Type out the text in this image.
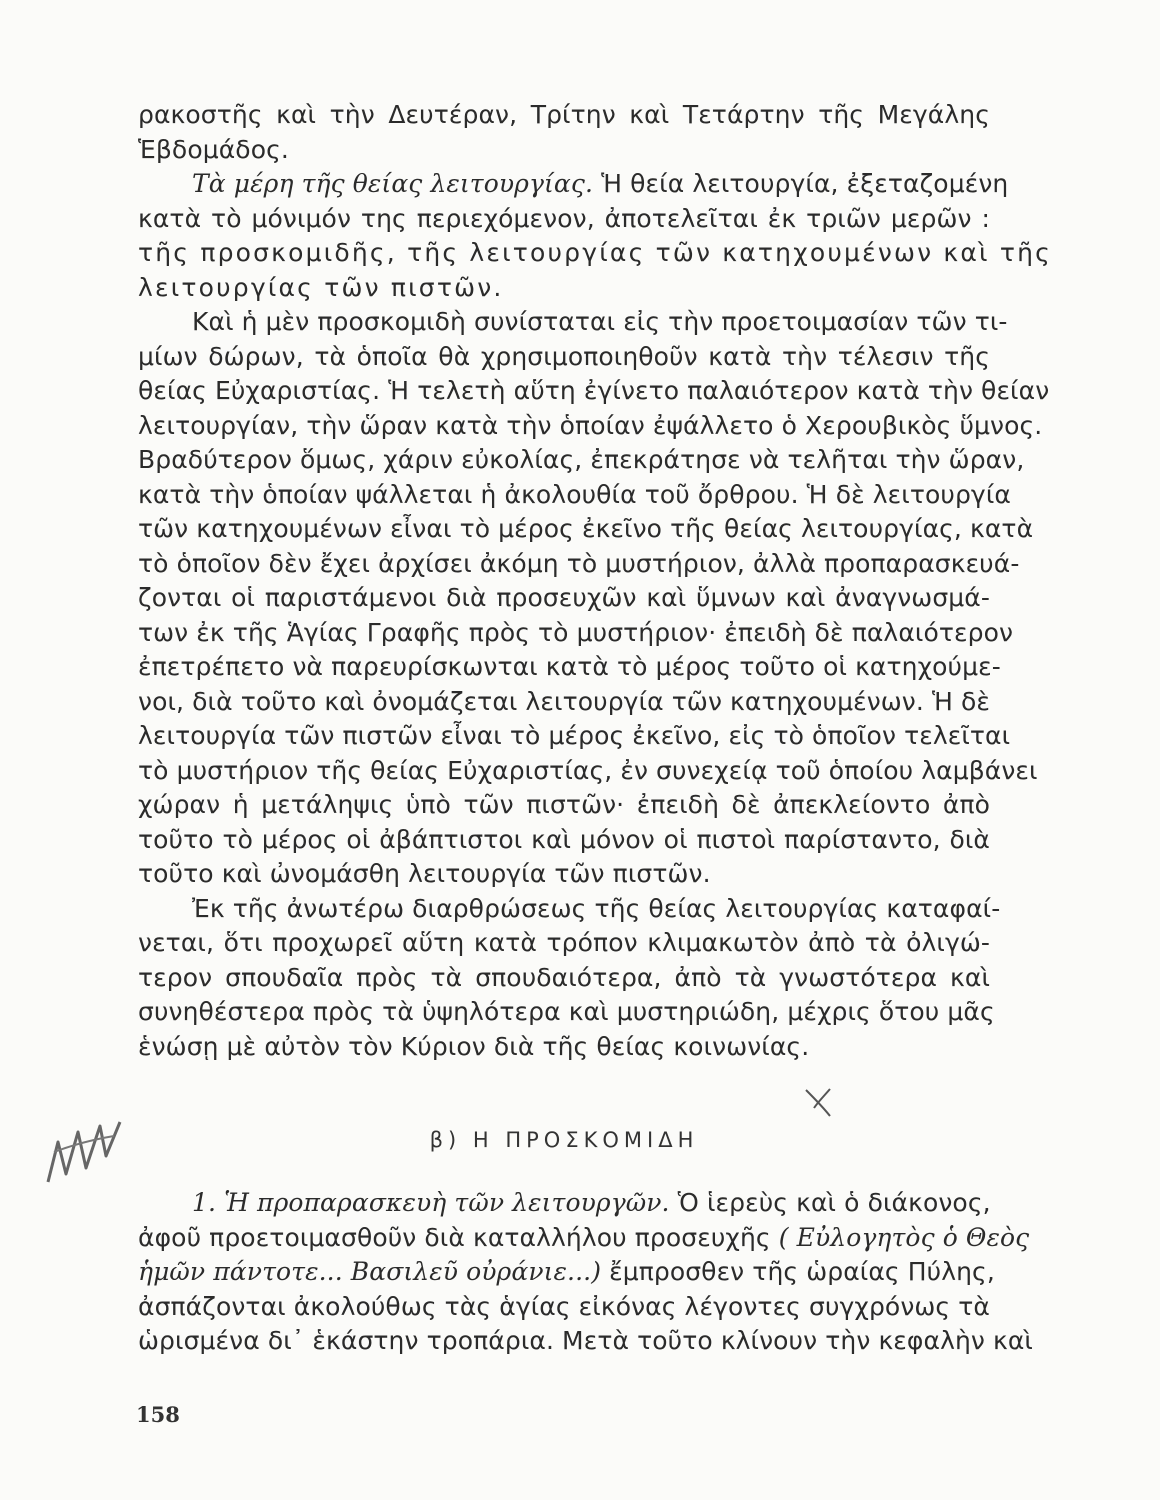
ρακοστῆς καὶ τὴν Δευτέραν, Τρίτην καὶ Τετάρτην τῆς Μεγάλης
Ἑβδομάδος.
Τὰ μέρη τῆς θείας λειτουργίας. Ἡ θεία λειτουργία, ἐξεταζομένη
κατὰ τὸ μόνιμόν της περιεχόμενον, ἀποτελεῖται ἐκ τριῶν μερῶν :
τῆς προσκομιδῆς, τῆς λειτουργίας τῶν κατηχουμένων καὶ τῆς
λειτουργίας τῶν πιστῶν.
Καὶ ἡ μὲν προσκομιδὴ συνίσταται εἰς τὴν προετοιμασίαν τῶν τι-
μίων δώρων, τὰ ὁποῖα θὰ χρησιμοποιηθοῦν κατὰ τὴν τέλεσιν τῆς
θείας Εὐχαριστίας. Ἡ τελετὴ αὕτη ἐγίνετο παλαιότερον κατὰ τὴν θείαν
λειτουργίαν, τὴν ὥραν κατὰ τὴν ὁποίαν ἐψάλλετο ὁ Χερουβικὸς ὕμνος.
Βραδύτερον ὅμως, χάριν εὐκολίας, ἐπεκράτησε νὰ τελῆται τὴν ὥραν,
κατὰ τὴν ὁποίαν ψάλλεται ἡ ἀκολουθία τοῦ ὄρθρου. Ἡ δὲ λειτουργία
τῶν κατηχουμένων εἶναι τὸ μέρος ἐκεῖνο τῆς θείας λειτουργίας, κατὰ
τὸ ὁποῖον δὲν ἔχει ἀρχίσει ἀκόμη τὸ μυστήριον, ἀλλὰ προπαρασκευά-
ζονται οἱ παριστάμενοι διὰ προσευχῶν καὶ ὕμνων καὶ ἀναγνωσμά-
των ἐκ τῆς Ἁγίας Γραφῆς πρὸς τὸ μυστήριον· ἐπειδὴ δὲ παλαιότερον
ἐπετρέπετο νὰ παρευρίσκωνται κατὰ τὸ μέρος τοῦτο οἱ κατηχούμε-
νοι, διὰ τοῦτο καὶ ὀνομάζεται λειτουργία τῶν κατηχουμένων. Ἡ δὲ
λειτουργία τῶν πιστῶν εἶναι τὸ μέρος ἐκεῖνο, εἰς τὸ ὁποῖον τελεῖται
τὸ μυστήριον τῆς θείας Εὐχαριστίας, ἐν συνεχείᾳ τοῦ ὁποίου λαμβάνει
χώραν ἡ μετάληψις ὑπὸ τῶν πιστῶν· ἐπειδὴ δὲ ἀπεκλείοντο ἀπὸ
τοῦτο τὸ μέρος οἱ ἀβάπτιστοι καὶ μόνον οἱ πιστοὶ παρίσταντο, διὰ
τοῦτο καὶ ὠνομάσθη λειτουργία τῶν πιστῶν.
Ἐκ τῆς ἀνωτέρω διαρθρώσεως τῆς θείας λειτουργίας καταφαί-
νεται, ὅτι προχωρεῖ αὕτη κατὰ τρόπον κλιμακωτὸν ἀπὸ τὰ ὀλιγώ-
τερον σπουδαῖα πρὸς τὰ σπουδαιότερα, ἀπὸ τὰ γνωστότερα καὶ
συνηθέστερα πρὸς τὰ ὑψηλότερα καὶ μυστηριώδη, μέχρις ὅτου μᾶς
ἑνώσῃ μὲ αὐτὸν τὸν Κύριον διὰ τῆς θείας κοινωνίας.
β) Η ΠΡΟΣΚΟΜΙΔΗ
1. Ἡ προπαρασκευὴ τῶν λειτουργῶν. Ὁ ἱερεὺς καὶ ὁ διάκονος,
ἀφοῦ προετοιμασθοῦν διὰ καταλλήλου προσευχῆς ( Εὐλογητὸς ὁ Θεὸς
ἡμῶν πάντοτε... Βασιλεῦ οὐράνιε...) ἔμπροσθεν τῆς ὡραίας Πύλης,
ἀσπάζονται ἀκολούθως τὰς ἁγίας εἰκόνας λέγοντες συγχρόνως τὰ
ὡρισμένα δι᾽ ἑκάστην τροπάρια. Μετὰ τοῦτο κλίνουν τὴν κεφαλὴν καὶ
158
